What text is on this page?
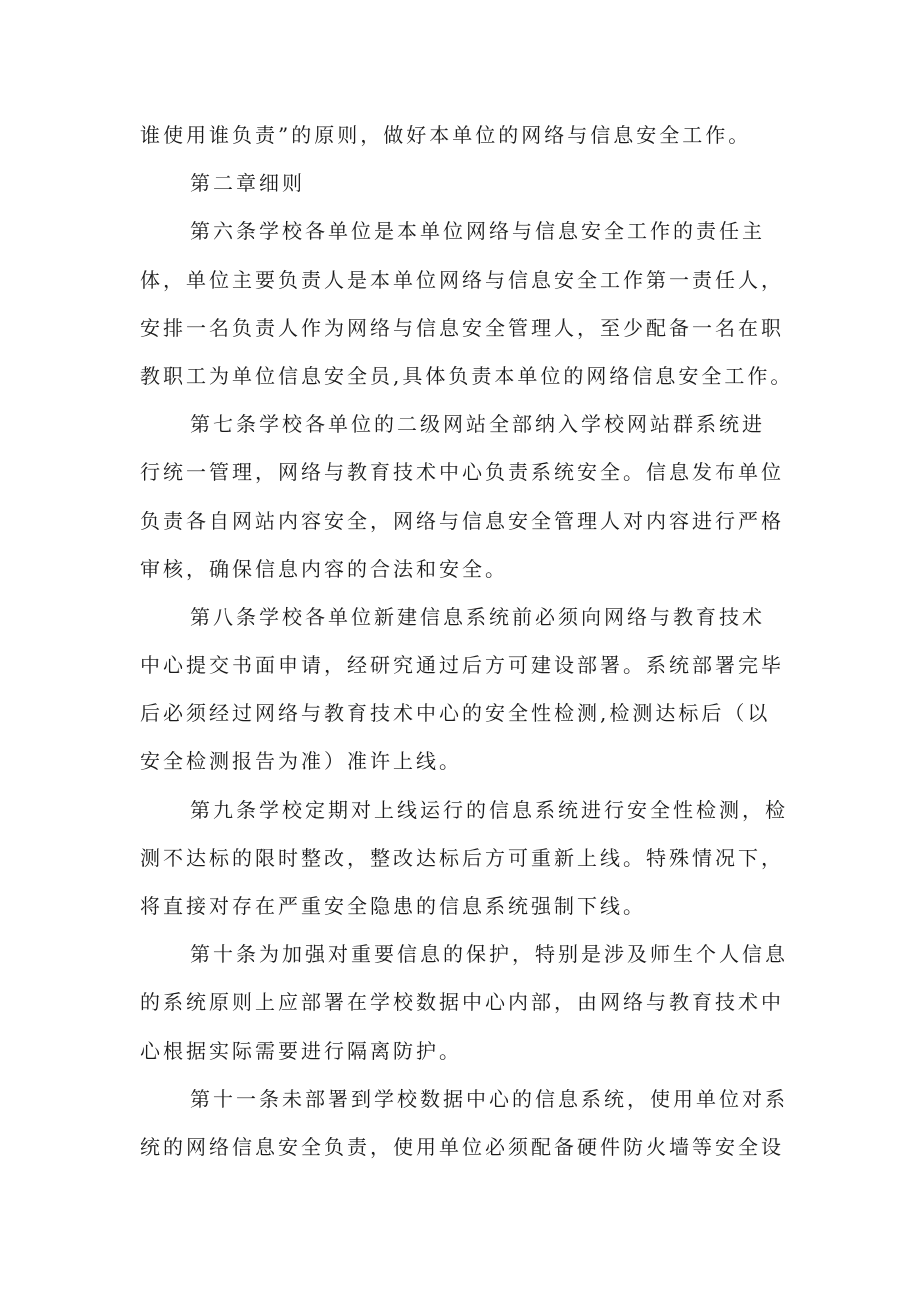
谁使用谁负责”的原则，做好本单位的网络与信息安全工作。
第二章细则
第六条学校各单位是本单位网络与信息安全工作的责任主
体，单位主要负责人是本单位网络与信息安全工作第一责任人，
安排一名负责人作为网络与信息安全管理人，至少配备一名在职
教职工为单位信息安全员,具体负责本单位的网络信息安全工作。
第七条学校各单位的二级网站全部纳入学校网站群系统进
行统一管理，网络与教育技术中心负责系统安全。信息发布单位
负责各自网站内容安全，网络与信息安全管理人对内容进行严格
审核，确保信息内容的合法和安全。
第八条学校各单位新建信息系统前必须向网络与教育技术
中心提交书面申请，经研究通过后方可建设部署。系统部署完毕
后必须经过网络与教育技术中心的安全性检测,检测达标后（以
安全检测报告为准）准许上线。
第九条学校定期对上线运行的信息系统进行安全性检测，检
测不达标的限时整改，整改达标后方可重新上线。特殊情况下，
将直接对存在严重安全隐患的信息系统强制下线。
第十条为加强对重要信息的保护，特别是涉及师生个人信息
的系统原则上应部署在学校数据中心内部，由网络与教育技术中
心根据实际需要进行隔离防护。
第十一条未部署到学校数据中心的信息系统，使用单位对系
统的网络信息安全负责，使用单位必须配备硬件防火墙等安全设
